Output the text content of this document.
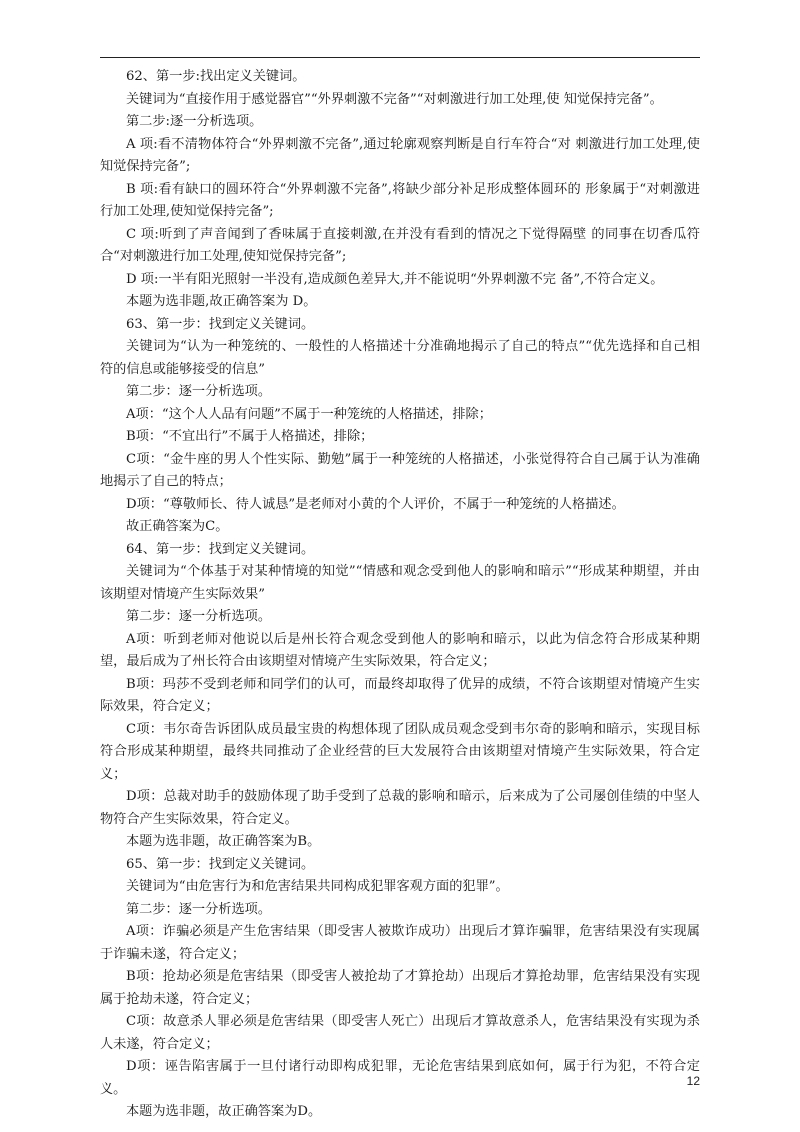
62、第一步:找出定义关键词。

关键词为“直接作用于感觉器官”“外界刺激不完备”“对刺激进行加工处理,使 知觉保持完备”。

第二步:逐一分析选项。

A 项:看不清物体符合“外界刺激不完备”,通过轮廓观察判断是自行车符合“对 刺激进行加工处理,使知觉保持完备”;

B 项:看有缺口的圆环符合“外界刺激不完备”,将缺少部分补足形成整体圆环的 形象属于“对刺激进行加工处理,使知觉保持完备”;

C 项:听到了声音闻到了香味属于直接刺激,在并没有看到的情况之下觉得隔壁 的同事在切香瓜符合“对刺激进行加工处理,使知觉保持完备”;

D 项:一半有阳光照射一半没有,造成颜色差异大,并不能说明“外界刺激不完 备”,不符合定义。

本题为选非题,故正确答案为 D。

63、第一步：找到定义关键词。

关键词为“认为一种笼统的、一般性的人格描述十分准确地揭示了自己的特点”“优先选择和自己相符的信息或能够接受的信息”

第二步：逐一分析选项。

A项：“这个人人品有问题”不属于一种笼统的人格描述，排除；

B项：“不宜出行”不属于人格描述，排除；

C项：“金牛座的男人个性实际、勤勉”属于一种笼统的人格描述，小张觉得符合自己属于认为准确地揭示了自己的特点；

D项：“尊敬师长、待人诚恳”是老师对小黄的个人评价，不属于一种笼统的人格描述。

故正确答案为C。

64、第一步：找到定义关键词。

关键词为“个体基于对某种情境的知觉”“情感和观念受到他人的影响和暗示”“形成某种期望，并由该期望对情境产生实际效果”

第二步：逐一分析选项。

A项：听到老师对他说以后是州长符合观念受到他人的影响和暗示，以此为信念符合形成某种期望，最后成为了州长符合由该期望对情境产生实际效果，符合定义；

B项：玛莎不受到老师和同学们的认可，而最终却取得了优异的成绩，不符合该期望对情境产生实际效果，符合定义；

C项：韦尔奇告诉团队成员最宝贵的构想体现了团队成员观念受到韦尔奇的影响和暗示，实现目标符合形成某种期望，最终共同推动了企业经营的巨大发展符合由该期望对情境产生实际效果，符合定义；

D项：总裁对助手的鼓励体现了助手受到了总裁的影响和暗示，后来成为了公司屡创佳绩的中坚人物符合产生实际效果，符合定义。

本题为选非题，故正确答案为B。

65、第一步：找到定义关键词。

关键词为“由危害行为和危害结果共同构成犯罪客观方面的犯罪”。

第二步：逐一分析选项。

A项：诈骗必须是产生危害结果（即受害人被欺诈成功）出现后才算诈骗罪，危害结果没有实现属于诈骗未遂，符合定义；

B项：抢劫必须是危害结果（即受害人被抢劫了才算抢劫）出现后才算抢劫罪，危害结果没有实现属于抢劫未遂，符合定义；

C项：故意杀人罪必须是危害结果（即受害人死亡）出现后才算故意杀人，危害结果没有实现为杀人未遂，符合定义；

D项：诬告陷害属于一旦付诸行动即构成犯罪，无论危害结果到底如何，属于行为犯，不符合定义。

本题为选非题，故正确答案为D。

12
